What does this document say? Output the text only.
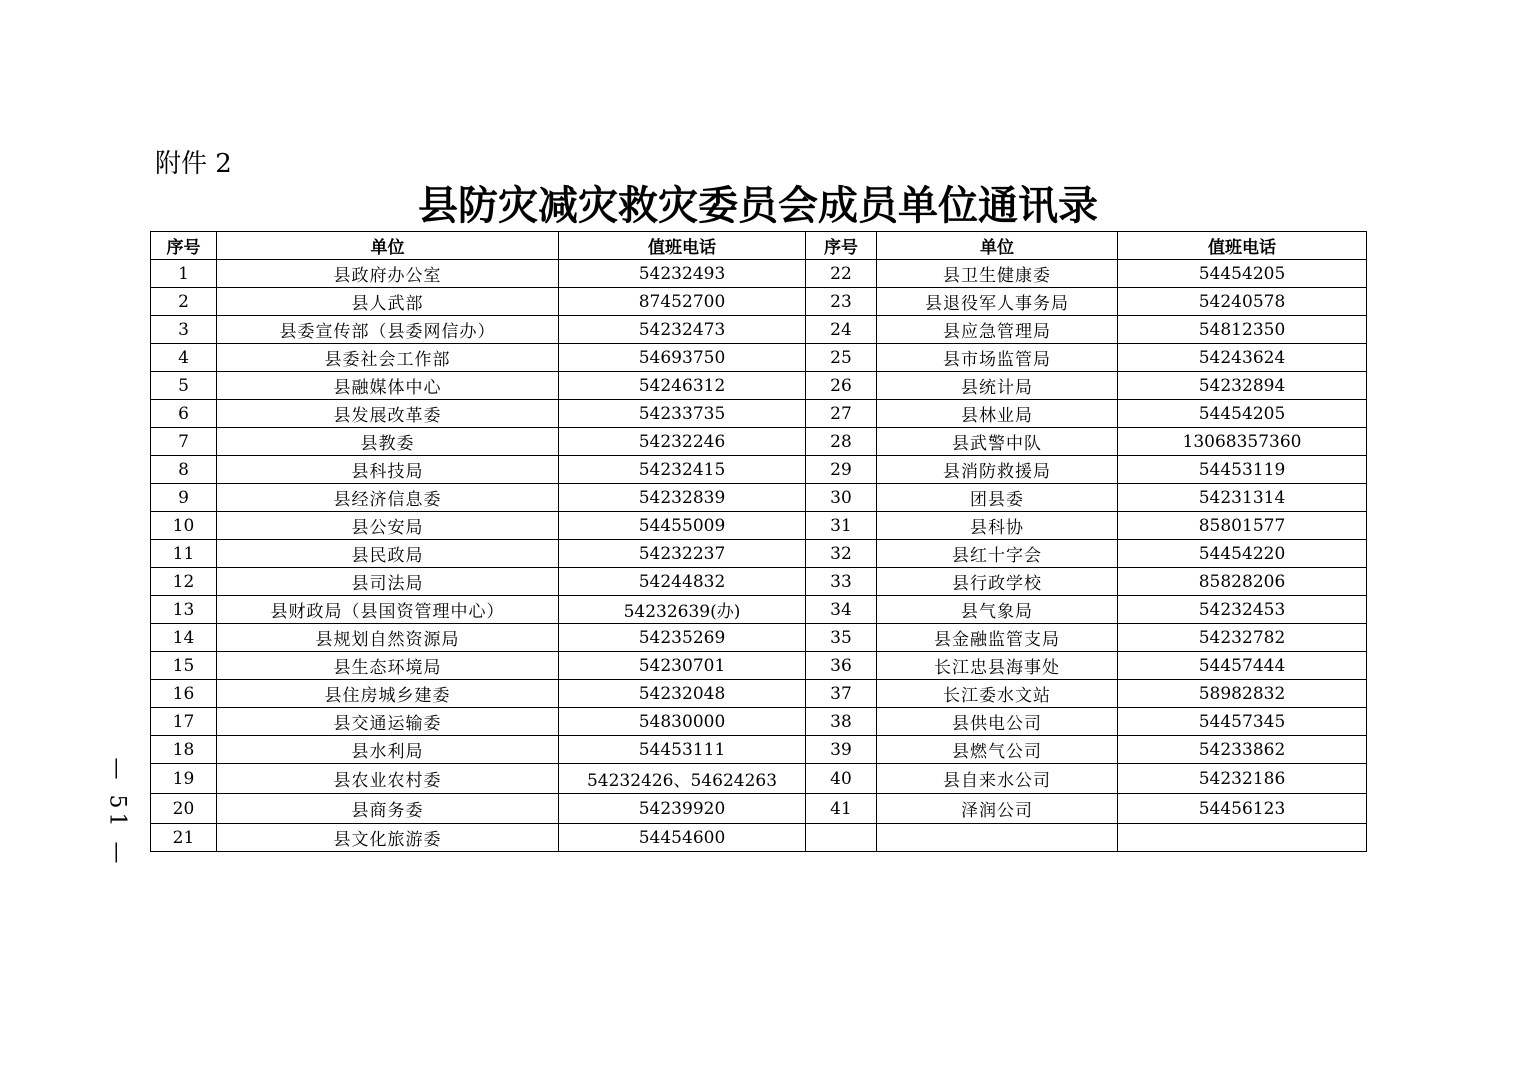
附件 2
县防灾减灾救灾委员会成员单位通讯录
序号	单位	值班电话	序号	单位	值班电话
1	县政府办公室	54232493	22	县卫生健康委	54454205
2	县人武部	87452700	23	县退役军人事务局	54240578
3	县委宣传部（县委网信办）	54232473	24	县应急管理局	54812350
4	县委社会工作部	54693750	25	县市场监管局	54243624
5	县融媒体中心	54246312	26	县统计局	54232894
6	县发展改革委	54233735	27	县林业局	54454205
7	县教委	54232246	28	县武警中队	13068357360
8	县科技局	54232415	29	县消防救援局	54453119
9	县经济信息委	54232839	30	团县委	54231314
10	县公安局	54455009	31	县科协	85801577
11	县民政局	54232237	32	县红十字会	54454220
12	县司法局	54244832	33	县行政学校	85828206
13	县财政局（县国资管理中心）	54232639(办)	34	县气象局	54232453
14	县规划自然资源局	54235269	35	县金融监管支局	54232782
15	县生态环境局	54230701	36	长江忠县海事处	54457444
16	县住房城乡建委	54232048	37	长江委水文站	58982832
17	县交通运输委	54830000	38	县供电公司	54457345
18	县水利局	54453111	39	县燃气公司	54233862
19	县农业农村委	54232426、54624263	40	县自来水公司	54232186
20	县商务委	54239920	41	泽润公司	54456123
21	县文化旅游委	54454600			
— 51 —
